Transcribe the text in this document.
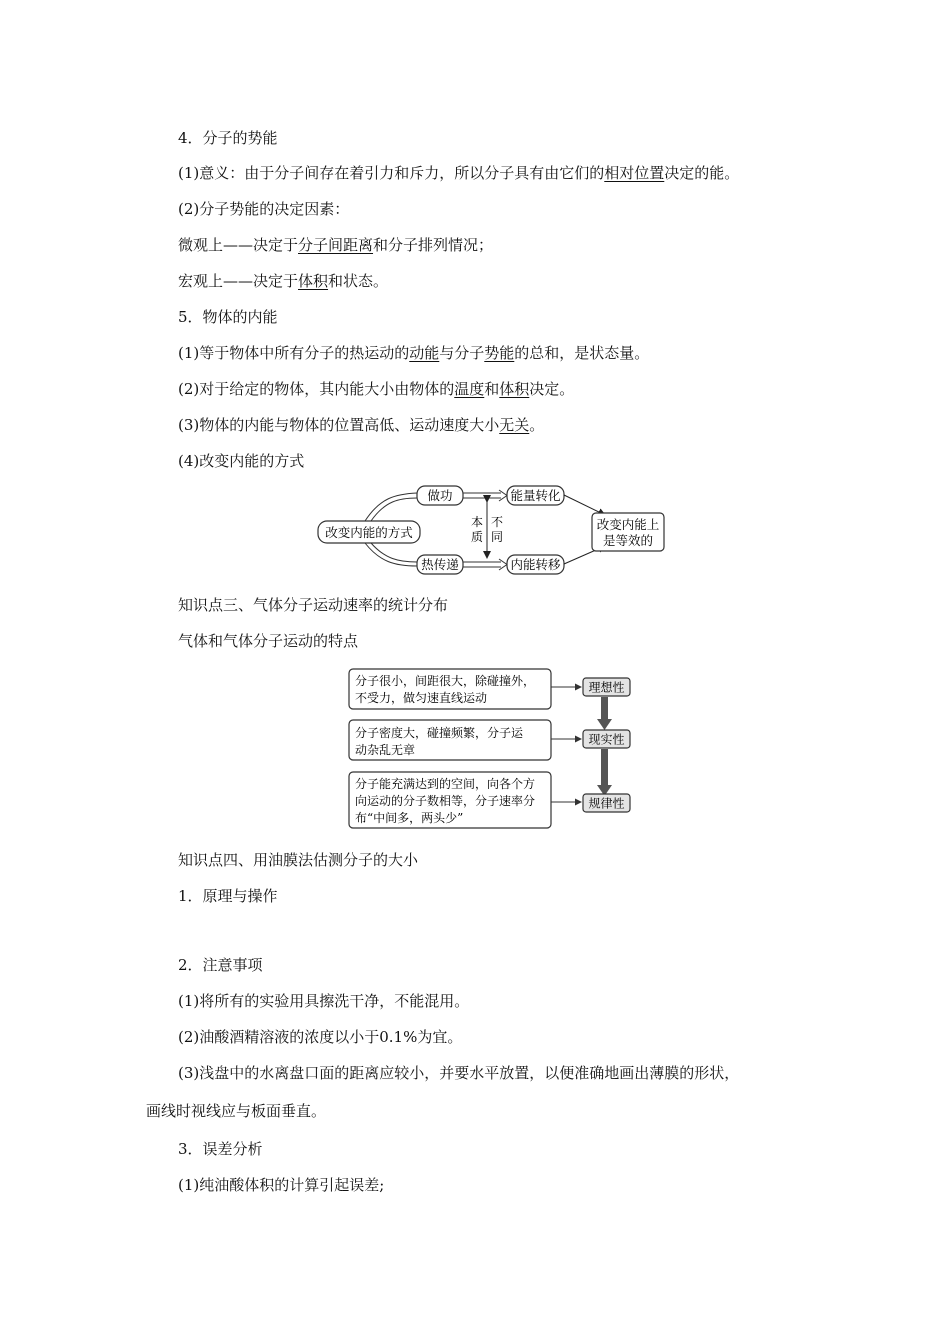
4．分子的势能
(1)意义：由于分子间存在着引力和斥力，所以分子具有由它们的相对位置决定的能。
(2)分子势能的决定因素：
微观上——决定于分子间距离和分子排列情况；
宏观上——决定于体积和状态。
5．物体的内能
(1)等于物体中所有分子的热运动的动能与分子势能的总和，是状态量。
(2)对于给定的物体，其内能大小由物体的温度和体积决定。
(3)物体的内能与物体的位置高低、运动速度大小无关。
(4)改变内能的方式
改变内能的方式
做功
热传递
本
质
不
同
能量转化
内能转移
改变内能上
是等效的
知识点三、气体分子运动速率的统计分布
气体和气体分子运动的特点
分子很小，间距很大，除碰撞外，
不受力，做匀速直线运动
分子密度大，碰撞频繁，分子运
动杂乱无章
分子能充满达到的空间，向各个方
向运动的分子数相等，分子速率分
布“中间多，两头少”
理想性
现实性
规律性
知识点四、用油膜法估测分子的大小
1．原理与操作
2．注意事项
(1)将所有的实验用具擦洗干净，不能混用。
(2)油酸酒精溶液的浓度以小于0.1%为宜。
(3)浅盘中的水离盘口面的距离应较小，并要水平放置，以便准确地画出薄膜的形状，
画线时视线应与板面垂直。
3．误差分析
(1)纯油酸体积的计算引起误差;
